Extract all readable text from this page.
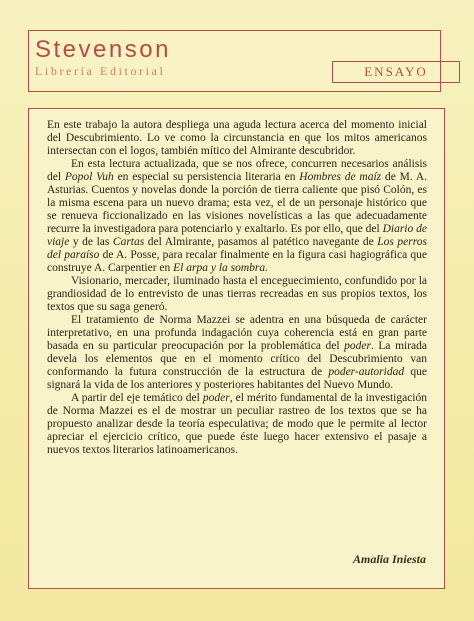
Stevenson
Librería Editorial	ENSAYO

En este trabajo la autora despliega una aguda lectura acerca del momento inicial del Descubrimiento. Lo ve como la circunstancia en que los mitos americanos intersectan con el logos, también mítico del Almirante descubridor.

En esta lectura actualizada, que se nos ofrece, concurren necesarios análisis del Popol Vuh en especial su persistencia literaria en Hombres de maíz de M. A. Asturias. Cuentos y novelas donde la porción de tierra caliente que pisó Colón, es la misma escena para un nuevo drama; esta vez, el de un personaje histórico que se renueva ficcionalizado en las visiones novelísticas a las que adecuadamente recurre la investigadora para potenciarlo y exaltarlo. Es por ello, que del Diario de viaje y de las Cartas del Almirante, pasamos al patético navegante de Los perros del paraíso de A. Posse, para recalar finalmente en la figura casi hagiográfica que construye A. Carpentier en El arpa y la sombra.

Visionario, mercader, iluminado hasta el enceguecimiento, confundido por la grandiosidad de lo entrevisto de unas tierras recreadas en sus propios textos, los textos que su saga generó.

El tratamiento de Norma Mazzei se adentra en una búsqueda de carácter interpretativo, en una profunda indagación cuya coherencia está en gran parte basada en su particular preocupación por la problemática del poder. La mirada devela los elementos que en el momento crítico del Descubrimiento van conformando la futura construcción de la estructura de poder-autoridad que signará la vida de los anteriores y posteriores habitantes del Nuevo Mundo.

A partir del eje temático del poder, el mérito fundamental de la investigación de Norma Mazzei es el de mostrar un peculiar rastreo de los textos que se ha propuesto analizar desde la teoría especulativa; de modo que le permite al lector apreciar el ejercicio crítico, que puede éste luego hacer extensivo el pasaje a nuevos textos literarios latinoamericanos.

Amalia Iniesta
